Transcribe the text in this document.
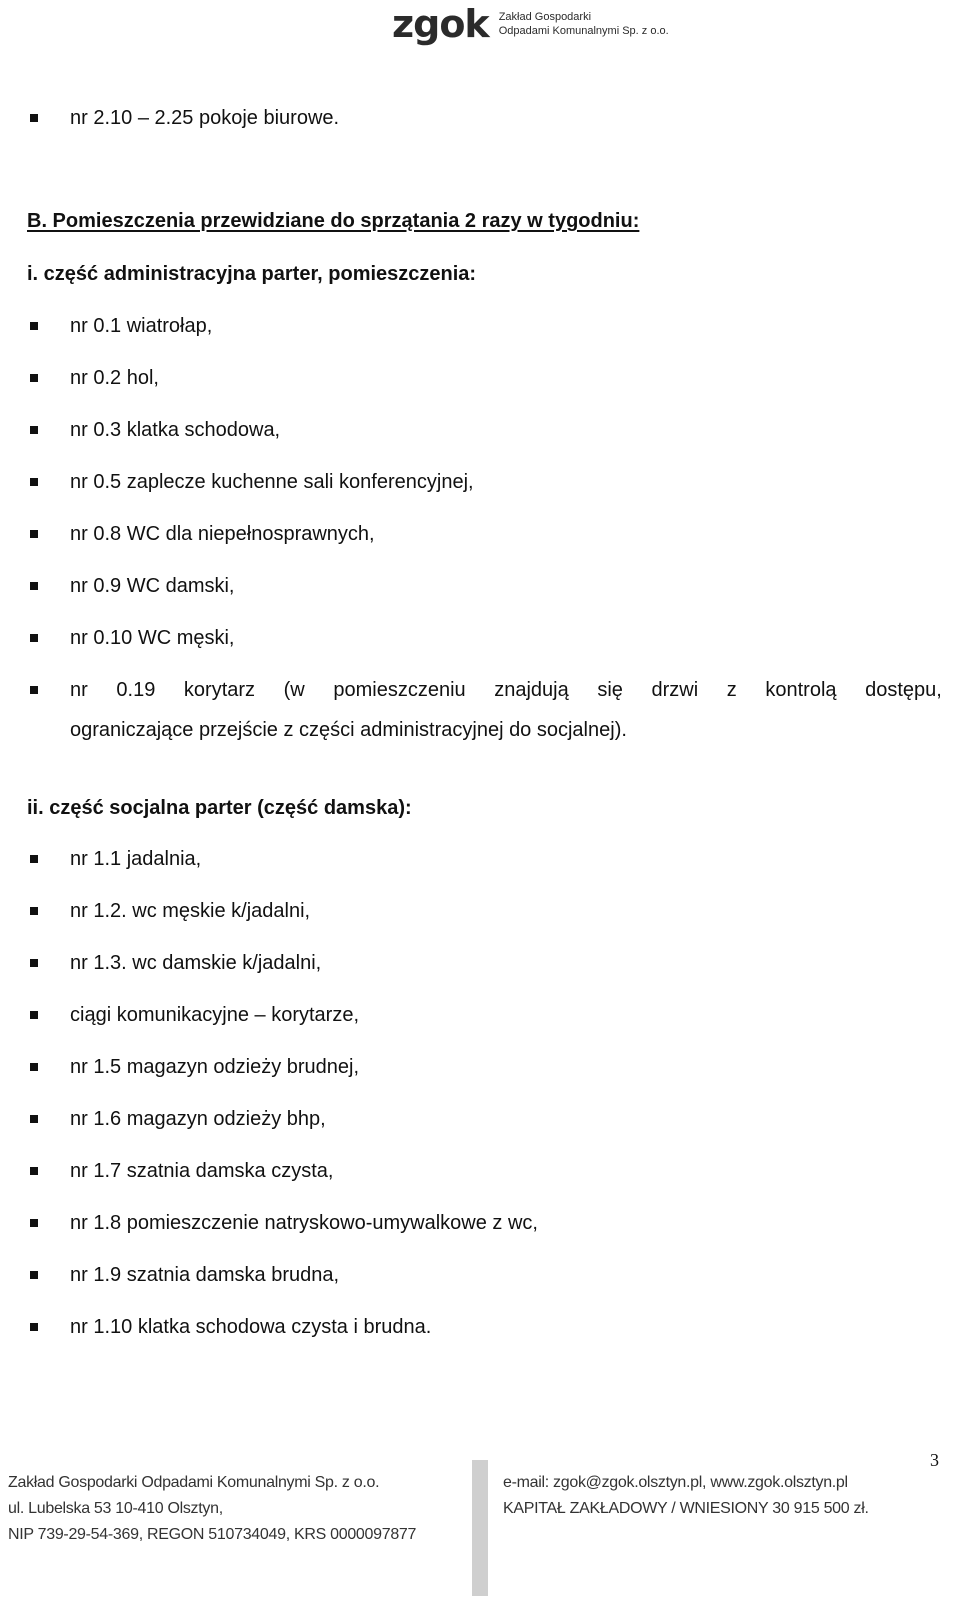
zgok Zakład Gospodarki
Odpadami Komunalnymi Sp. z o.o.
nr 2.10 – 2.25 pokoje biurowe.
B. Pomieszczenia przewidziane do sprzątania 2 razy w tygodniu:
i. część administracyjna parter, pomieszczenia:
nr 0.1 wiatrołap,
nr 0.2 hol,
nr 0.3 klatka schodowa,
nr 0.5 zaplecze kuchenne sali konferencyjnej,
nr 0.8 WC dla niepełnosprawnych,
nr 0.9 WC damski,
nr 0.10 WC męski,
nr 0.19 korytarz (w pomieszczeniu znajdują się drzwi z kontrolą dostępu,
ograniczające przejście z części administracyjnej do socjalnej).
ii. część socjalna parter (część damska):
nr 1.1 jadalnia,
nr 1.2. wc męskie k/jadalni,
nr 1.3. wc damskie k/jadalni,
ciągi komunikacyjne – korytarze,
nr 1.5 magazyn odzieży brudnej,
nr 1.6 magazyn odzieży bhp,
nr 1.7 szatnia damska czysta,
nr 1.8 pomieszczenie natryskowo-umywalkowe z wc,
nr 1.9 szatnia damska brudna,
nr 1.10 klatka schodowa czysta i brudna.
3
Zakład Gospodarki Odpadami Komunalnymi Sp. z o.o.
ul. Lubelska 53 10-410 Olsztyn,
NIP 739-29-54-369, REGON 510734049, KRS 0000097877
e-mail: zgok@zgok.olsztyn.pl, www.zgok.olsztyn.pl
KAPITAŁ ZAKŁADOWY / WNIESIONY 30 915 500 zł.
